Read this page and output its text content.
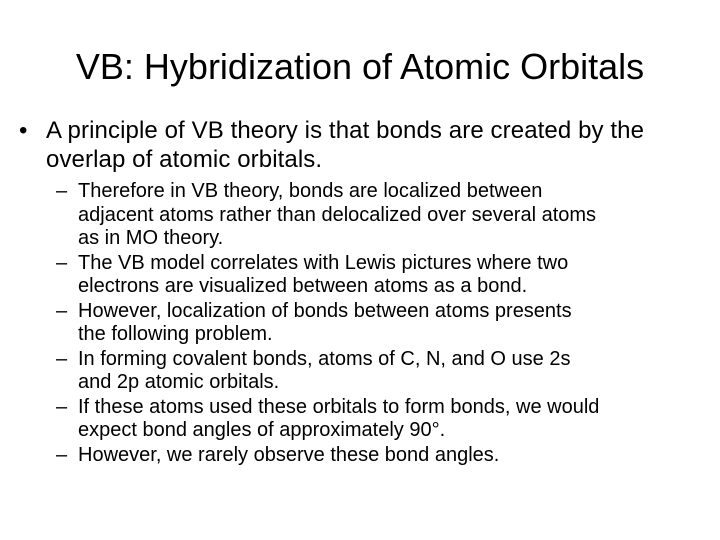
VB: Hybridization of Atomic Orbitals
• A principle of VB theory is that bonds are created by the overlap of atomic orbitals.
– Therefore in VB theory, bonds are localized between
adjacent atoms rather than delocalized over several atoms
as in MO theory.
– The VB model correlates with Lewis pictures where two
electrons are visualized between atoms as a bond.
– However, localization of bonds between atoms presents
the following problem.
– In forming covalent bonds, atoms of C, N, and O use 2s
and 2p atomic orbitals.
– If these atoms used these orbitals to form bonds, we would
expect bond angles of approximately 90°.
– However, we rarely observe these bond angles.
